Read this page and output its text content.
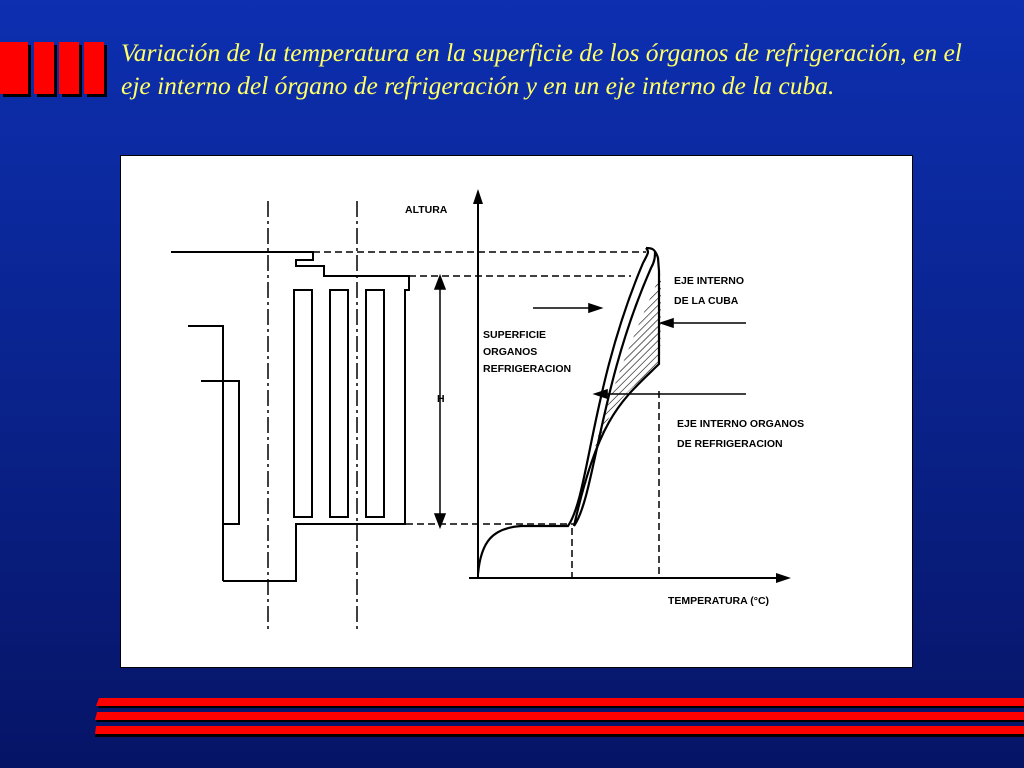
Variación de la temperatura en la superficie de los órganos de refrigeración, en el eje interno del órgano de refrigeración y en un eje interno de la cuba.
H
ALTURA
EJE INTERNO
DE LA CUBA
SUPERFICIE
ORGANOS
REFRIGERACION
EJE INTERNO ORGANOS
DE REFRIGERACION
TEMPERATURA (°C)
